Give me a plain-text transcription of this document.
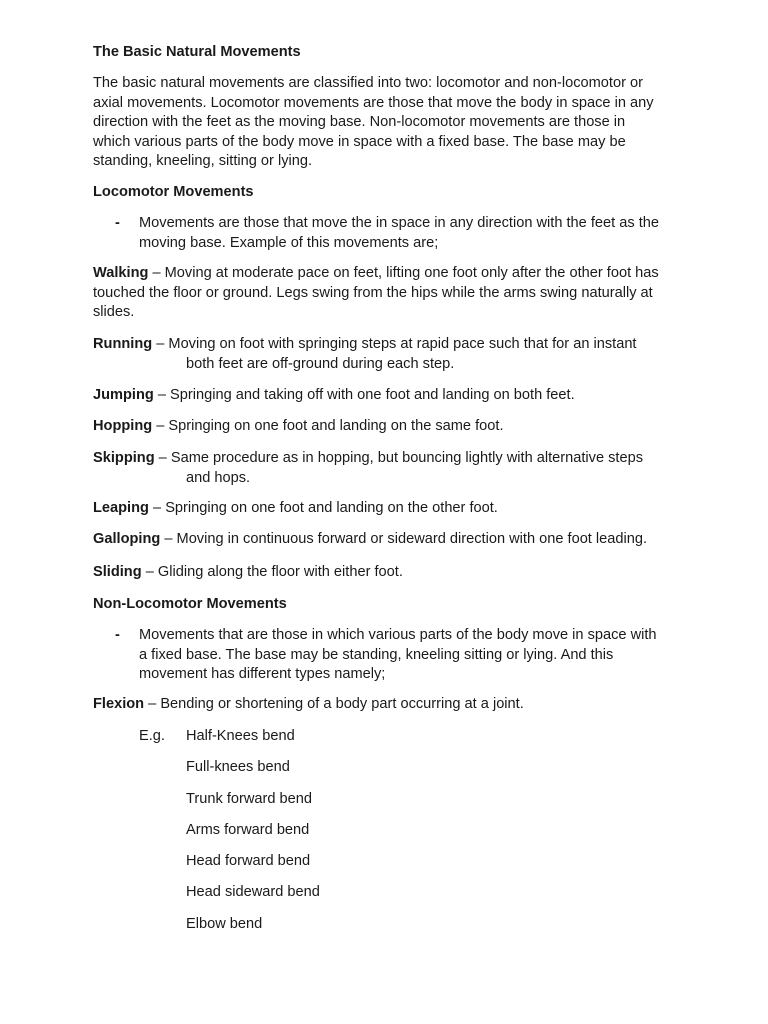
The Basic Natural Movements
The basic natural movements are classified into two: locomotor and non-locomotor or
axial movements. Locomotor movements are those that move the body in space in any
direction with the feet as the moving base. Non-locomotor movements are those in
which various parts of the body move in space with a fixed base. The base may be
standing, kneeling, sitting or lying.
Locomotor Movements
- Movements are those that move the in space in any direction with the feet as the
moving base. Example of this movements are;
Walking – Moving at moderate pace on feet, lifting one foot only after the other foot has
touched the floor or ground. Legs swing from the hips while the arms swing naturally at
slides.
Running – Moving on foot with springing steps at rapid pace such that for an instant
both feet are off-ground during each step.
Jumping – Springing and taking off with one foot and landing on both feet.
Hopping – Springing on one foot and landing on the same foot.
Skipping – Same procedure as in hopping, but bouncing lightly with alternative steps
and hops.
Leaping – Springing on one foot and landing on the other foot.
Galloping – Moving in continuous forward or sideward direction with one foot leading.
Sliding – Gliding along the floor with either foot.
Non-Locomotor Movements
- Movements that are those in which various parts of the body move in space with
a fixed base. The base may be standing, kneeling sitting or lying. And this
movement has different types namely;
Flexion – Bending or shortening of a body part occurring at a joint.
E.g. Half-Knees bend
Full-knees bend
Trunk forward bend
Arms forward bend
Head forward bend
Head sideward bend
Elbow bend
